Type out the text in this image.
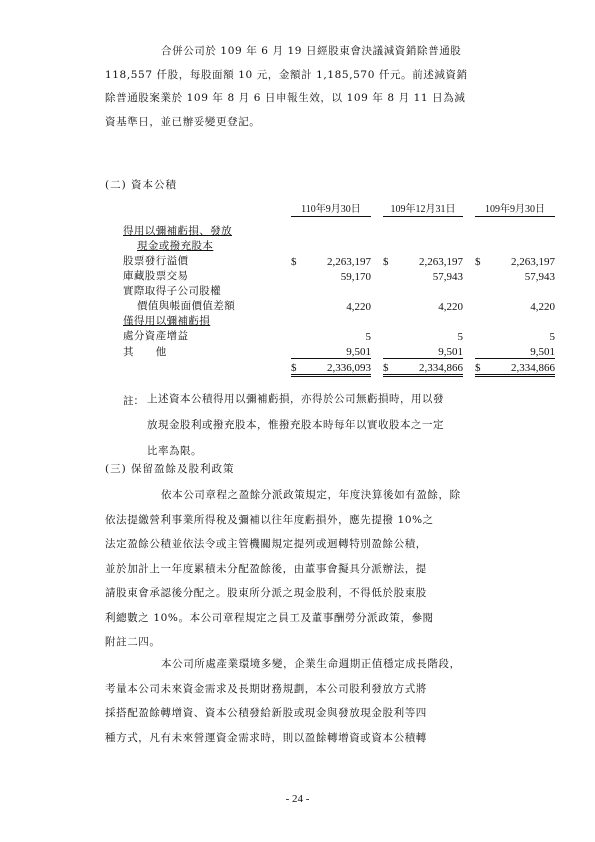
合併公司於 109 年 6 月 19 日經股東會決議減資銷除普通股
118,557 仟股，每股面額 10 元，金額計 1,185,570 仟元。前述減資銷
除普通股案業於 109 年 8 月 6 日申報生效，以 109 年 8 月 11 日為減
資基準日，並已辦妥變更登記。

(二) 資本公積

		110年9月30日		109年12月31日		109年9月30日

得用以彌補虧損、發放						
現金或撥充股本						
股票發行溢價		$ 2,263,197		$ 2,263,197		$ 2,263,197

庫藏股票交易		59,170		57,943		57,943
實際取得子公司股權						
價值與帳面價值差額		4,220		4,220		4,220
僅得用以彌補虧損						
處分資產增益		5		5		5
其　　他		9,501		9,501		9,501

		$ 2,336,093		$ 2,334,866		$ 2,334,866
註： 上述資本公積得用以彌補虧損，亦得於公司無虧損時，用以發
放現金股利或撥充股本，惟撥充股本時每年以實收股本之一定
比率為限。

(三) 保留盈餘及股利政策

依本公司章程之盈餘分派政策規定，年度決算後如有盈餘，除
依法提繳營利事業所得稅及彌補以往年度虧損外，應先提撥 10%之
法定盈餘公積並依法令或主管機關規定提列或迴轉特別盈餘公積，
並於加計上一年度累積未分配盈餘後，由董事會擬具分派辦法，提
請股東會承認後分配之。股東所分派之現金股利，不得低於股東股
利總數之 10%。本公司章程規定之員工及董事酬勞分派政策，參閱
附註二四。

本公司所處產業環境多變，企業生命週期正值穩定成長階段，
考量本公司未來資金需求及長期財務規劃，本公司股利發放方式將
採搭配盈餘轉增資、資本公積發給新股或現金與發放現金股利等四
種方式，凡有未來營運資金需求時，則以盈餘轉增資或資本公積轉

- 24 -
